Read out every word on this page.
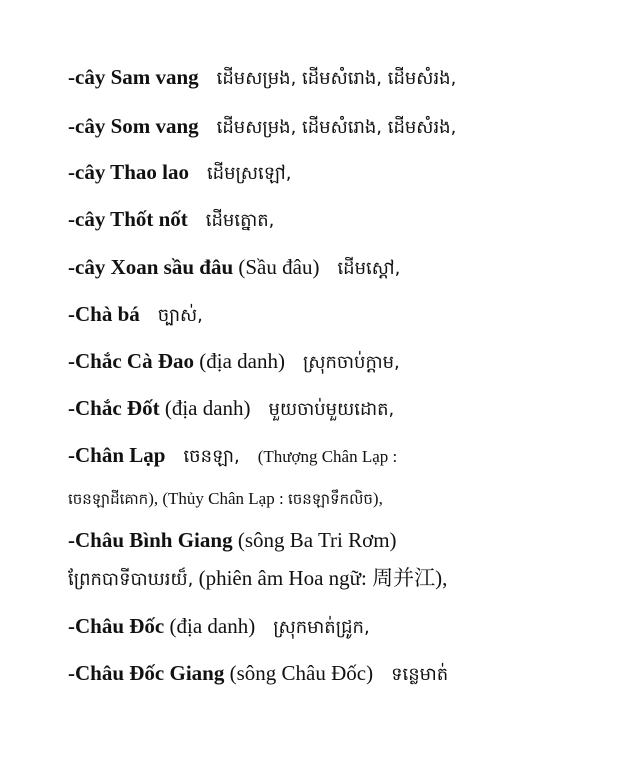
-cây Sam vang ដើមសម្រង, ដើមសំរោង, ដើមសំរង,
-cây Som vang ដើមសម្រង, ដើមសំរោង, ដើមសំរង,
-cây Thao lao ដើមស្រឡៅ,
-cây Thốt nốt ដើមត្នោត,
-cây Xoan sầu đâu (Sầu đâu) ដើមស្ដៅ,
-Chà bá ច្បាស់,
-Chắc Cà Đao (địa danh) ស្រុកចាប់ក្ដាម,
-Chắc Đốt (địa danh) មួយចាប់មួយដោត,
-Chân Lạp ចេនឡា, (Thượng Chân Lạp :
ចេនឡាដីគោក), (Thủy Chân Lạp : ចេនឡាទឹកលិច),
-Châu Bình Giang (sông Ba Tri Rơm)
ព្រែកបាទីបាឃរយ៏, (phiên âm Hoa ngữ: 周并江),
-Châu Đốc (địa danh) ស្រុកមាត់ជ្រូក,
-Châu Đốc Giang (sông Châu Đốc) ទន្លេមាត់
